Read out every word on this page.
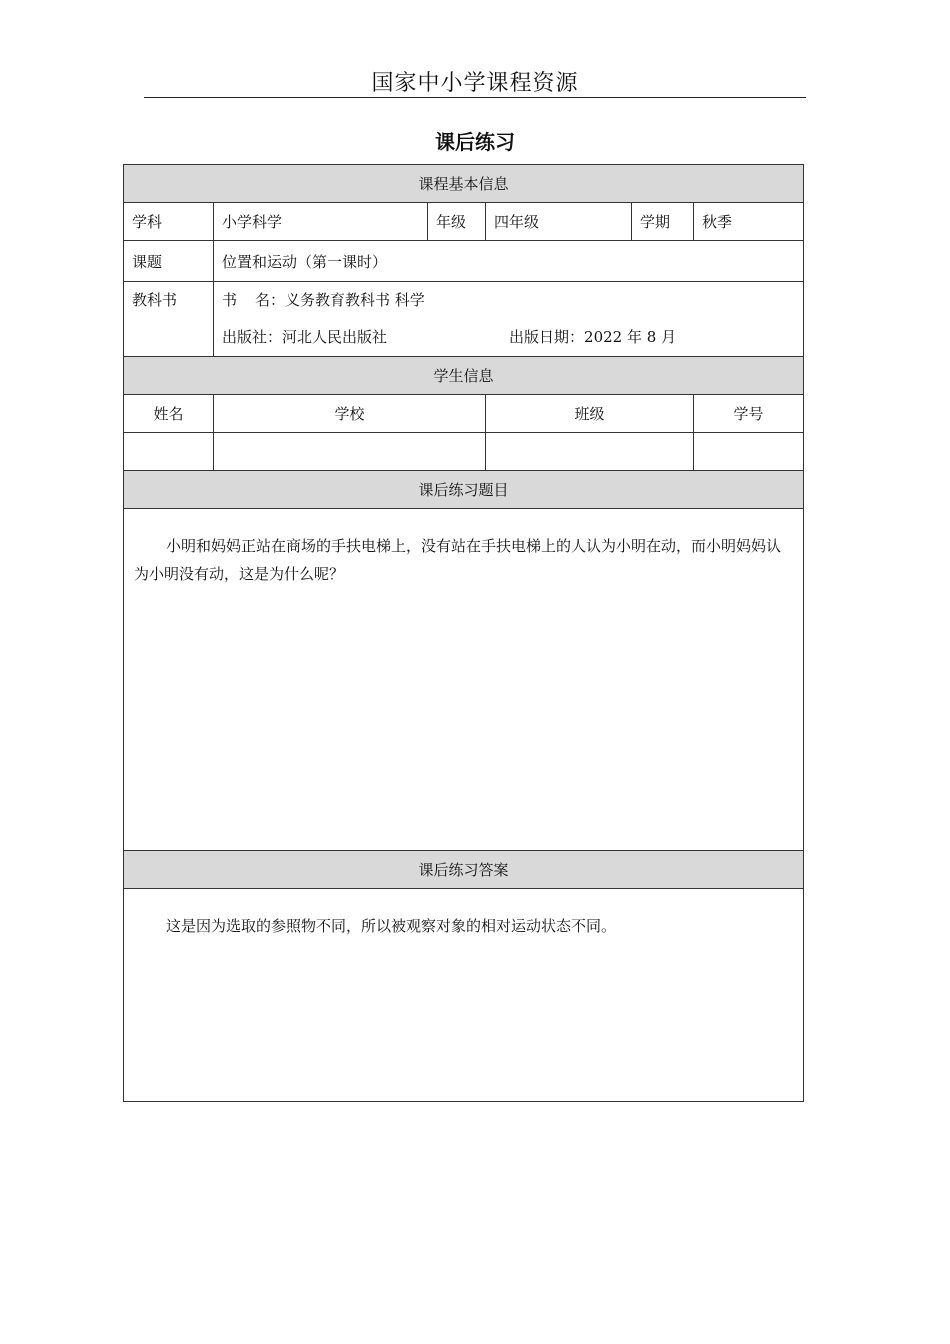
国家中小学课程资源
课后练习
课程基本信息					
学科	小学科学	年级	四年级	学期	秋季
课题	位置和运动（第一课时）				

教科书	书 名：义务教育教科书 科学
出版社：河北人民出版社 出版日期：2022 年 8 月				

学生信息					
姓名	学校		班级		学号

课后练习题目					

小明和妈妈正站在商场的手扶电梯上，没有站在手扶电梯上的人认为小明在动，而小明妈妈认为小明没有动，这是为什么呢？					

课后练习答案					

这是因为选取的参照物不同，所以被观察对象的相对运动状态不同。					
